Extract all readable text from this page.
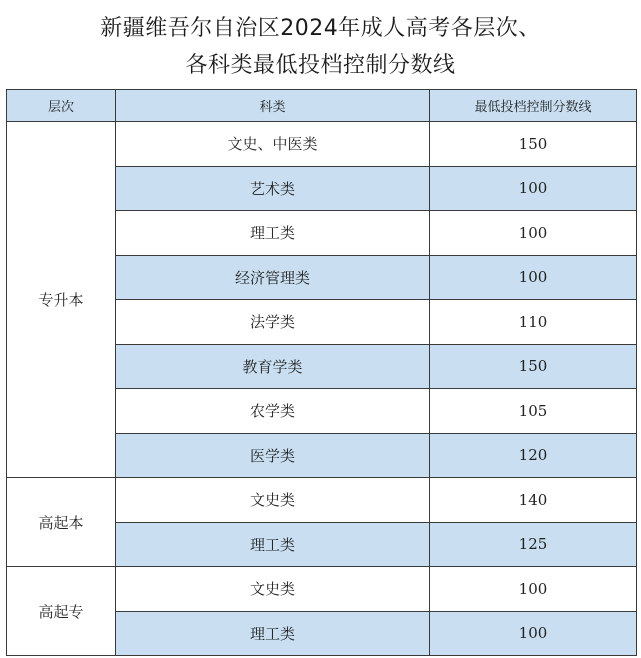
新疆维吾尔自治区2024年成人高考各层次、
各科类最低投档控制分数线
层次	科类	最低投档控制分数线
专升本	文史、中医类	150
	艺术类	100
	理工类	100
	经济管理类	100
	法学类	110
	教育学类	150
	农学类	105
	医学类	120
高起本	文史类	140
	理工类	125
高起专	文史类	100
	理工类	100
